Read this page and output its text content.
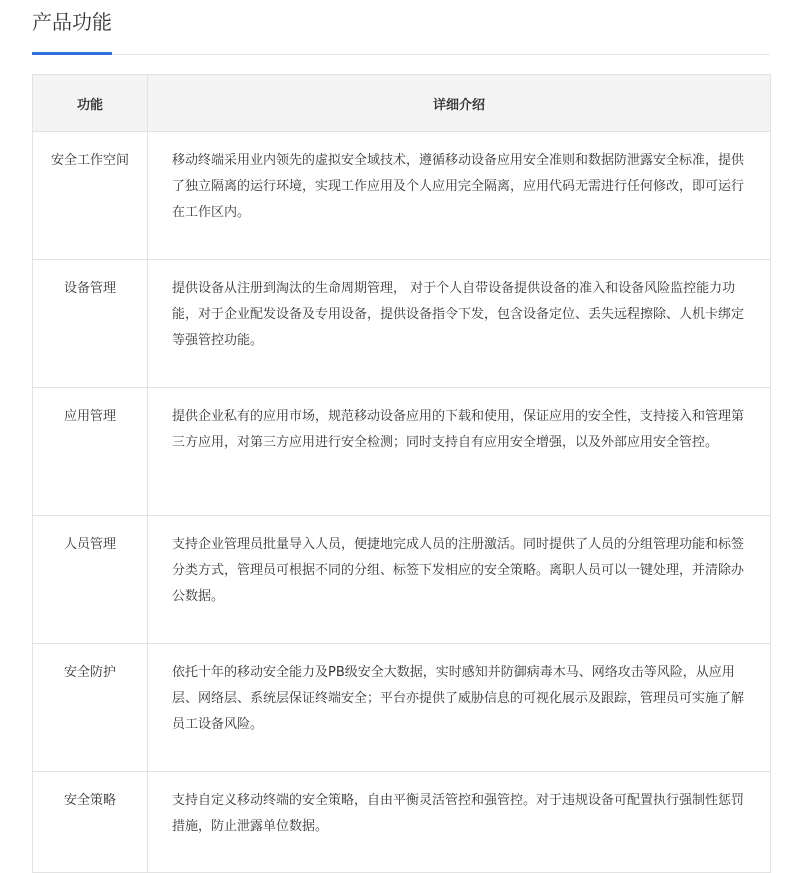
产品功能
功能	详细介绍
安全工作空间	移动终端采用业内领先的虚拟安全域技术，遵循移动设备应用安全准则和数据防泄露安全标准，提供了独立隔离的运行环境，实现工作应用及个人应用完全隔离，应用代码无需进行任何修改，即可运行在工作区内。
设备管理	提供设备从注册到淘汰的生命周期管理， 对于个人自带设备提供设备的准入和设备风险监控能力功能，对于企业配发设备及专用设备，提供设备指令下发，包含设备定位、丢失远程擦除、人机卡绑定等强管控功能。
应用管理	提供企业私有的应用市场，规范移动设备应用的下载和使用，保证应用的安全性，支持接入和管理第三方应用，对第三方应用进行安全检测；同时支持自有应用安全增强，以及外部应用安全管控。
人员管理	支持企业管理员批量导入人员，便捷地完成人员的注册激活。同时提供了人员的分组管理功能和标签分类方式，管理员可根据不同的分组、标签下发相应的安全策略。离职人员可以一键处理，并清除办公数据。
安全防护	依托十年的移动安全能力及PB级安全大数据，实时感知并防御病毒木马、网络攻击等风险，从应用层、网络层、系统层保证终端安全；平台亦提供了威胁信息的可视化展示及跟踪，管理员可实施了解员工设备风险。
安全策略	支持自定义移动终端的安全策略，自由平衡灵活管控和强管控。对于违规设备可配置执行强制性惩罚措施，防止泄露单位数据。
